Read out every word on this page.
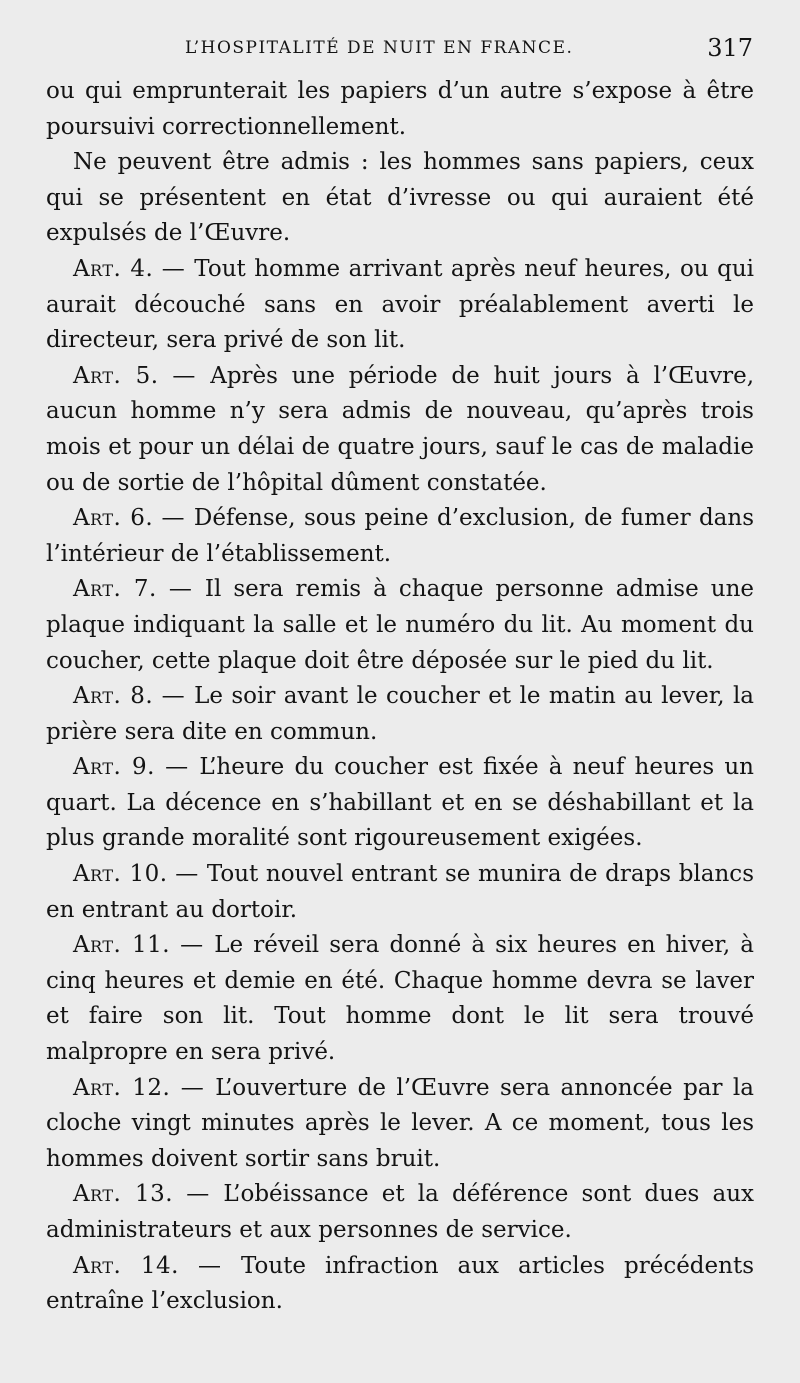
L’HOSPITALITÉ DE NUIT EN FRANCE.	317

ou qui emprunterait les papiers d’un autre s’expose à être poursuivi correctionnellement.

Ne peuvent être admis : les hommes sans papiers, ceux qui se présentent en état d’ivresse ou qui auraient été expulsés de l’Œuvre.

Art. 4. — Tout homme arrivant après neuf heures, ou qui aurait découché sans en avoir préalablement averti le directeur, sera privé de son lit.

Art. 5. — Après une période de huit jours à l’Œuvre, aucun homme n’y sera admis de nouveau, qu’après trois mois et pour un délai de quatre jours, sauf le cas de maladie ou de sortie de l’hôpital dûment constatée.

Art. 6. — Défense, sous peine d’exclusion, de fumer dans l’intérieur de l’établissement.

Art. 7. — Il sera remis à chaque personne admise une plaque indiquant la salle et le numéro du lit. Au moment du coucher, cette plaque doit être déposée sur le pied du lit.

Art. 8. — Le soir avant le coucher et le matin au lever, la prière sera dite en commun.

Art. 9. — L’heure du coucher est fixée à neuf heures un quart. La décence en s’habillant et en se déshabillant et la plus grande moralité sont rigoureusement exigées.

Art. 10. — Tout nouvel entrant se munira de draps blancs en entrant au dortoir.

Art. 11. — Le réveil sera donné à six heures en hiver, à cinq heures et demie en été. Chaque homme devra se laver et faire son lit. Tout homme dont le lit sera trouvé malpropre en sera privé.

Art. 12. — L’ouverture de l’Œuvre sera annoncée par la cloche vingt minutes après le lever. A ce moment, tous les hommes doivent sortir sans bruit.

Art. 13. — L’obéissance et la déférence sont dues aux administrateurs et aux personnes de service.

Art. 14. — Toute infraction aux articles précédents entraîne l’exclusion.
